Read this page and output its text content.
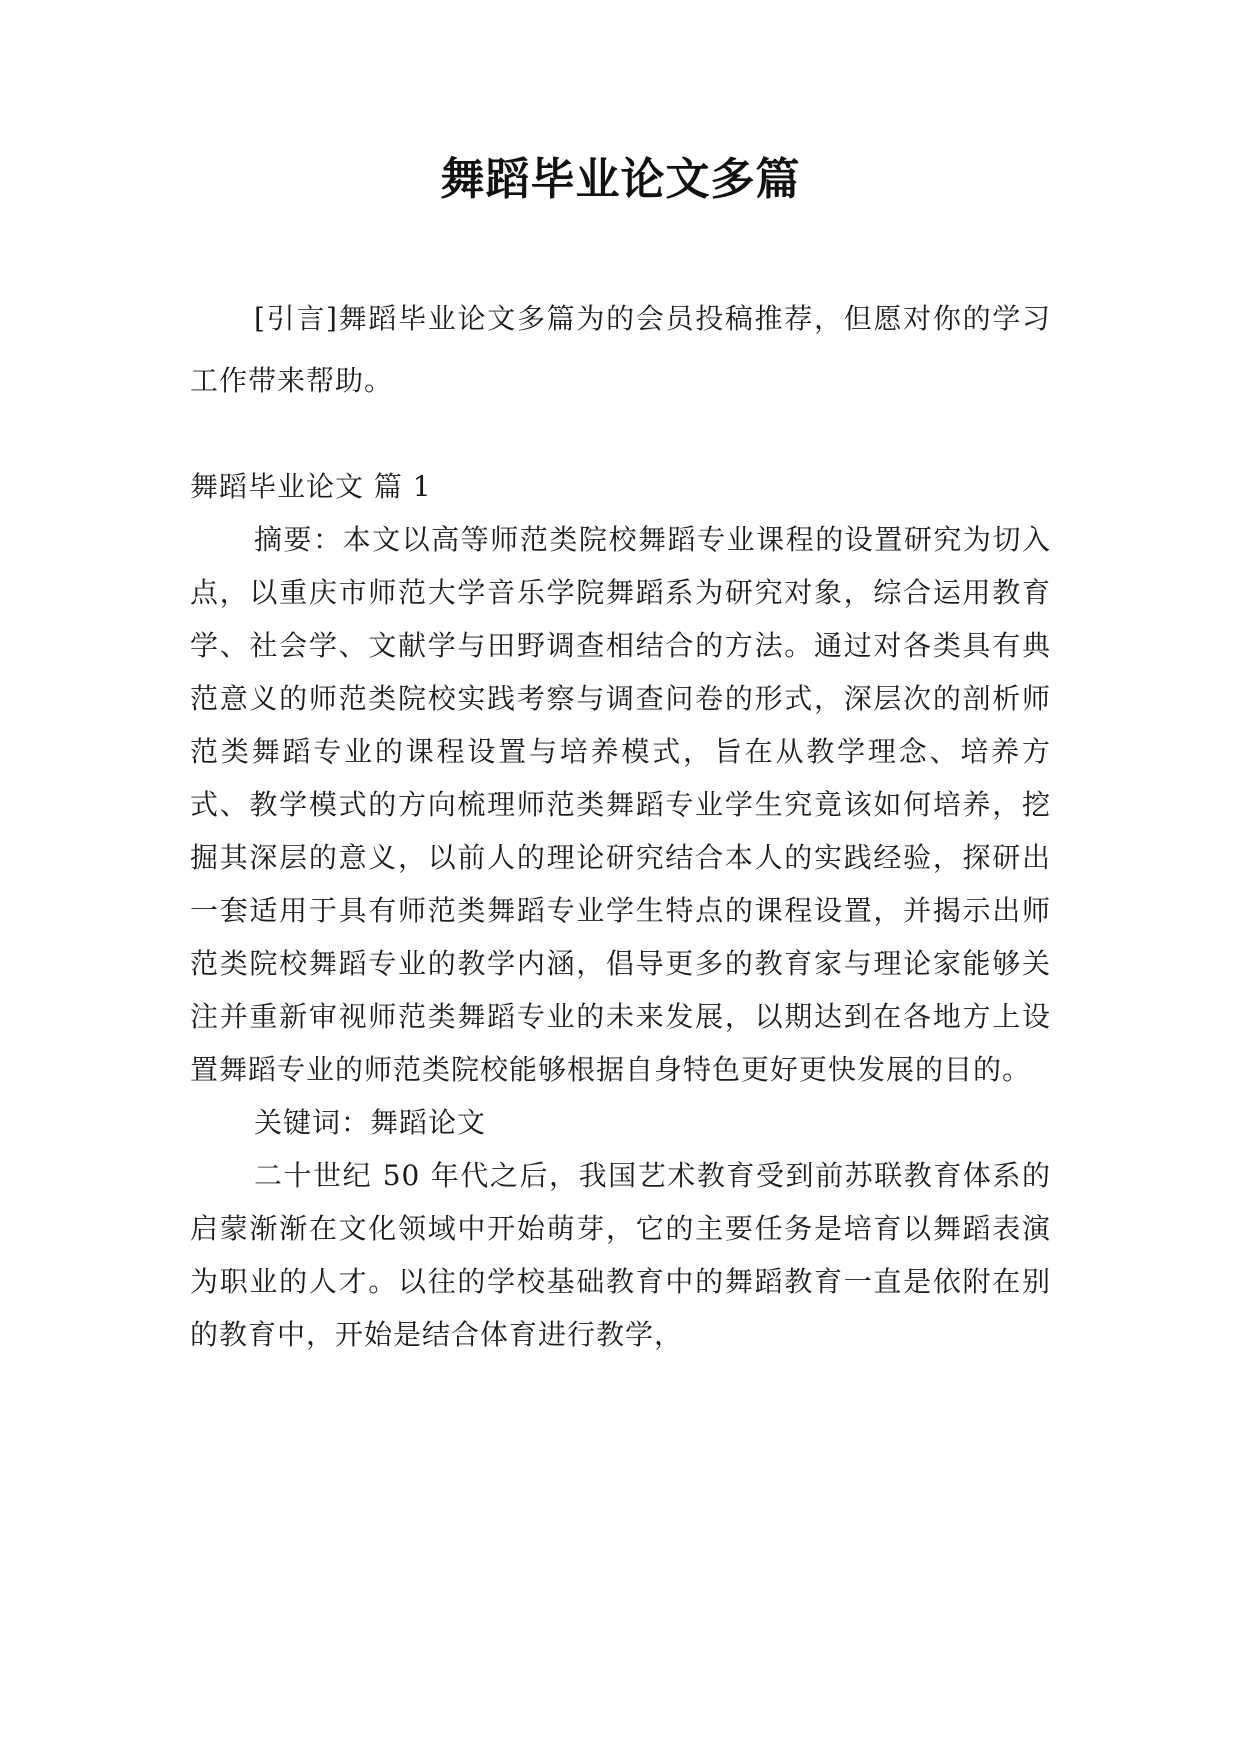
舞蹈毕业论文多篇

[引言]舞蹈毕业论文多篇为的会员投稿推荐，但愿对你的学习工作带来帮助。

舞蹈毕业论文 篇 1

摘要：本文以高等师范类院校舞蹈专业课程的设置研究为切入点，以重庆市师范大学音乐学院舞蹈系为研究对象，综合运用教育学、社会学、文献学与田野调查相结合的方法。通过对各类具有典范意义的师范类院校实践考察与调查问卷的形式，深层次的剖析师范类舞蹈专业的课程设置与培养模式，旨在从教学理念、培养方式、教学模式的方向梳理师范类舞蹈专业学生究竟该如何培养，挖掘其深层的意义，以前人的理论研究结合本人的实践经验，探研出一套适用于具有师范类舞蹈专业学生特点的课程设置，并揭示出师范类院校舞蹈专业的教学内涵，倡导更多的教育家与理论家能够关注并重新审视师范类舞蹈专业的未来发展，以期达到在各地方上设置舞蹈专业的师范类院校能够根据自身特色更好更快发展的目的。

关键词：舞蹈论文

二十世纪 50 年代之后，我国艺术教育受到前苏联教育体系的启蒙渐渐在文化领域中开始萌芽，它的主要任务是培育以舞蹈表演为职业的人才。以往的学校基础教育中的舞蹈教育一直是依附在别的教育中，开始是结合体育进行教学，
